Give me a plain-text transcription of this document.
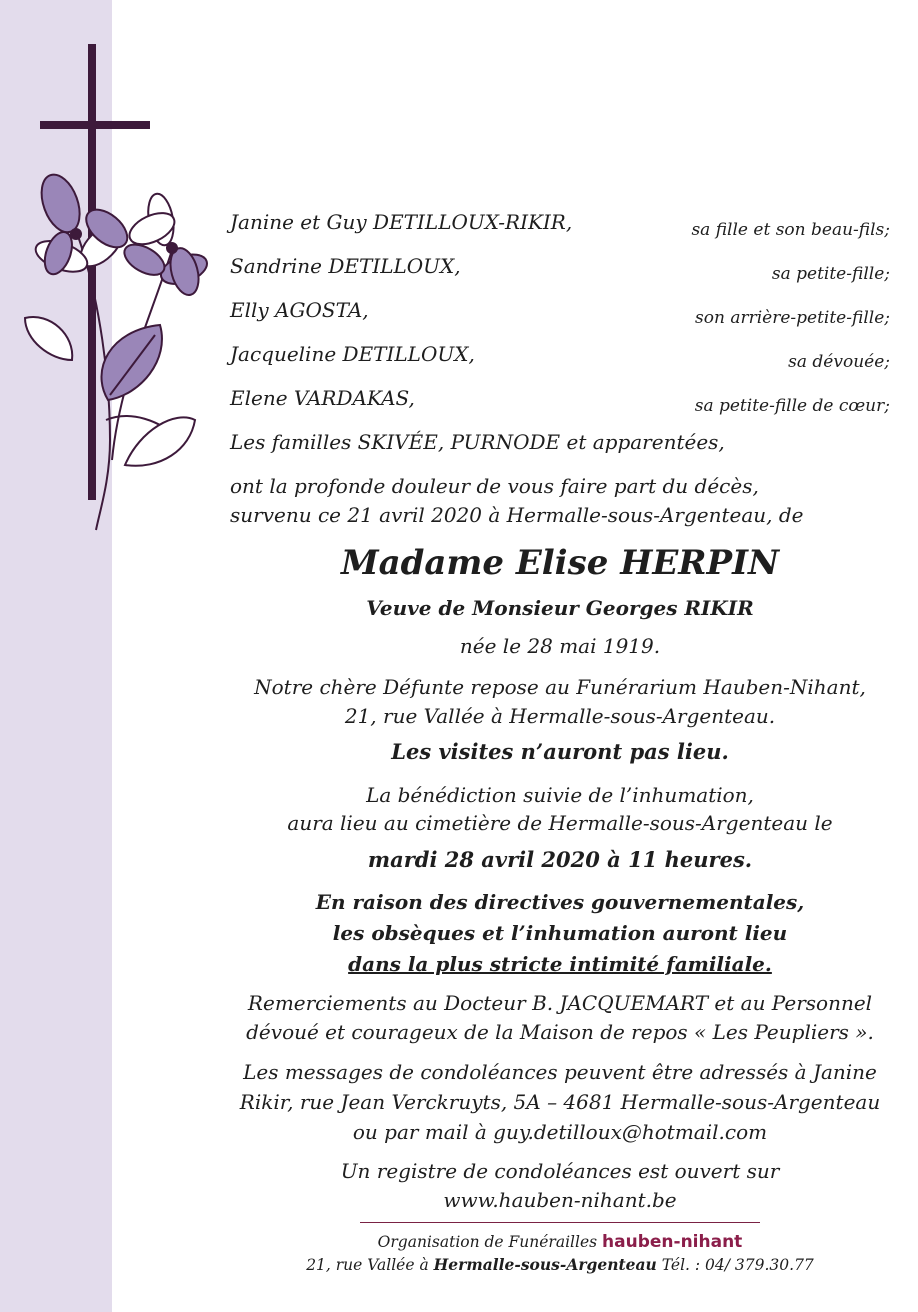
Janine et Guy DETILLOUX-RIKIR,	sa fille et son beau-fils;
Sandrine DETILLOUX,	sa petite-fille;
Elly AGOSTA,	son arrière-petite-fille;
Jacqueline DETILLOUX,	sa dévouée;
Elene VARDAKAS,	sa petite-fille de cœur;
Les familles SKIVÉE, PURNODE et apparentées,
ont la profonde douleur de vous faire part du décès,
survenu ce 21 avril 2020 à Hermalle-sous-Argenteau, de
Madame Elise HERPIN
Veuve de Monsieur Georges RIKIR
née le 28 mai 1919.
Notre chère Défunte repose au Funérarium Hauben-Nihant,
21, rue Vallée à Hermalle-sous-Argenteau.
Les visites n’auront pas lieu.
La bénédiction suivie de l’inhumation,
aura lieu au cimetière de Hermalle-sous-Argenteau le
mardi 28 avril 2020 à 11 heures.
En raison des directives gouvernementales,
les obsèques et l’inhumation auront lieu
dans la plus stricte intimité familiale.
Remerciements au Docteur B. JACQUEMART et au Personnel
dévoué et courageux de la Maison de repos « Les Peupliers ».
Les messages de condoléances peuvent être adressés à Janine
Rikir, rue Jean Verckruyts, 5A – 4681 Hermalle-sous-Argenteau
ou par mail à guy.detilloux@hotmail.com
Un registre de condoléances est ouvert sur
www.hauben-nihant.be
Organisation de Funérailles hauben-nihant
21, rue Vallée à Hermalle-sous-Argenteau Tél. : 04/ 379.30.77
